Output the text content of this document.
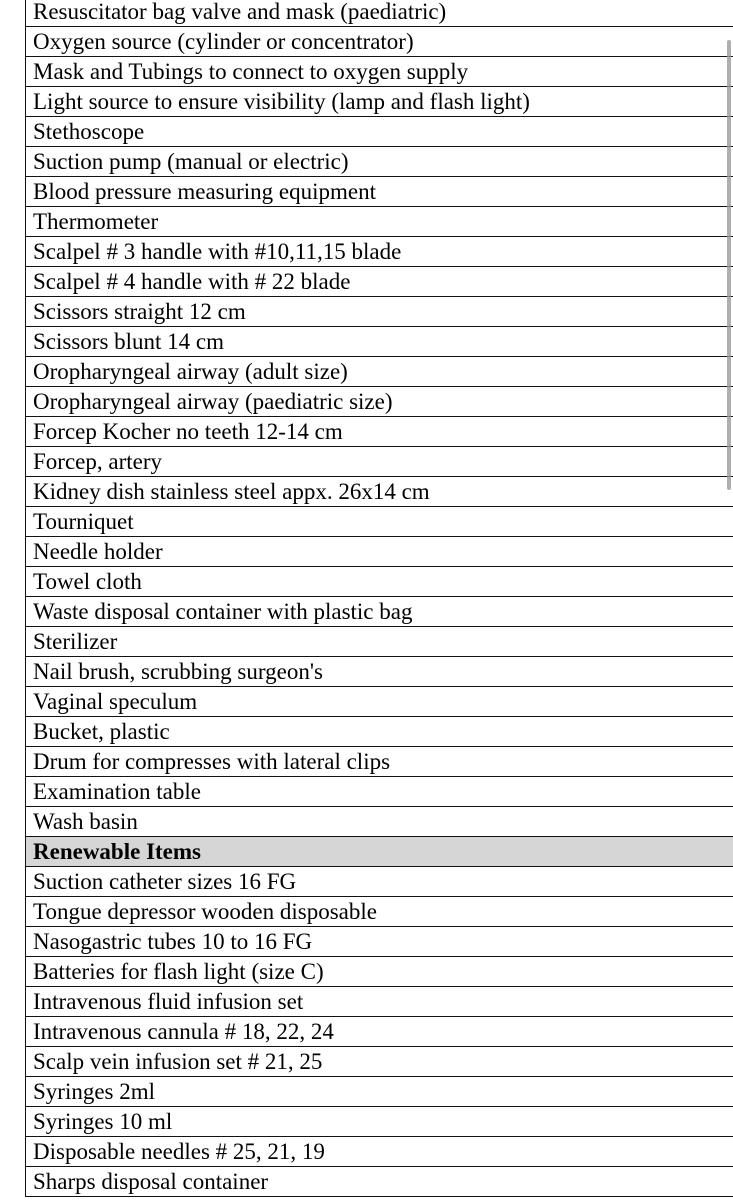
Resuscitator bag valve and mask (paediatric)
Oxygen source (cylinder or concentrator)
Mask and Tubings to connect to oxygen supply
Light source to ensure visibility (lamp and flash light)
Stethoscope
Suction pump (manual or electric)
Blood pressure measuring equipment
Thermometer
Scalpel # 3 handle with #10,11,15 blade
Scalpel # 4 handle with # 22 blade
Scissors straight 12 cm
Scissors blunt 14 cm
Oropharyngeal airway (adult size)
Oropharyngeal airway (paediatric size)
Forcep Kocher no teeth 12-14 cm
Forcep, artery
Kidney dish stainless steel appx. 26x14 cm
Tourniquet
Needle holder
Towel cloth
Waste disposal container with plastic bag
Sterilizer
Nail brush, scrubbing surgeon's
Vaginal speculum
Bucket, plastic
Drum for compresses with lateral clips
Examination table
Wash basin
Renewable Items
Suction catheter sizes 16 FG
Tongue depressor wooden disposable
Nasogastric tubes 10 to 16 FG
Batteries for flash light (size C)
Intravenous fluid infusion set
Intravenous cannula # 18, 22, 24
Scalp vein infusion set # 21, 25
Syringes 2ml
Syringes 10 ml
Disposable needles # 25, 21, 19
Sharps disposal container
